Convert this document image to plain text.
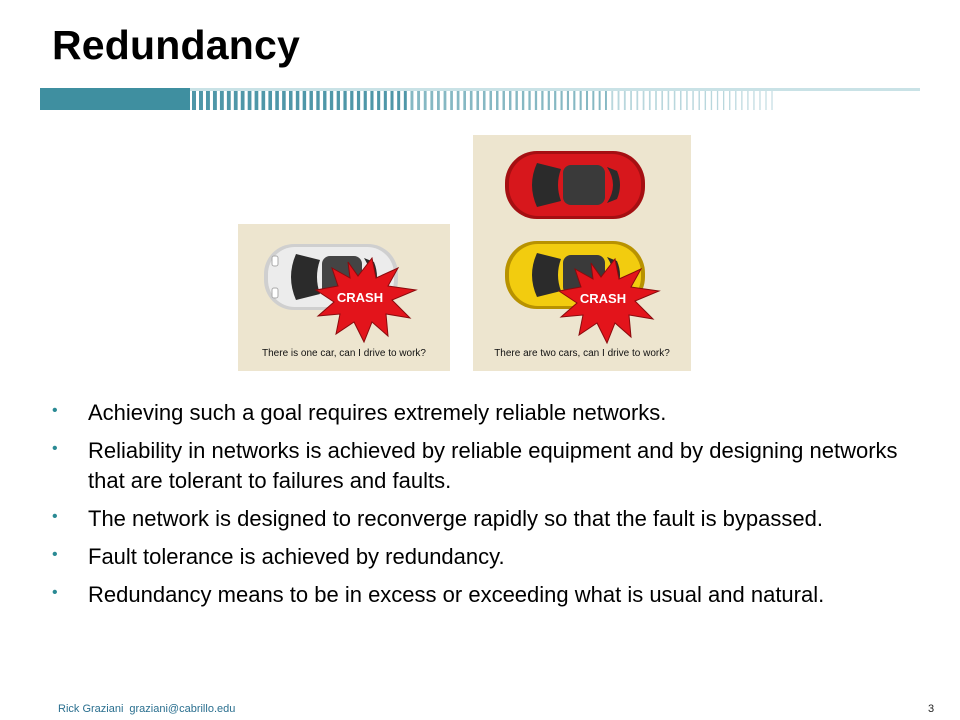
Redundancy
CRASH
There is one car, can I drive to work?
CRASH
There are two cars, can I drive to work?
• Achieving such a goal requires extremely reliable networks.
• Reliability in networks is achieved by reliable equipment and by designing networks that are tolerant to failures and faults.
• The network is designed to reconverge rapidly so that the fault is bypassed.
• Fault tolerance is achieved by redundancy.
• Redundancy means to be in excess or exceeding what is usual and natural.
Rick Graziani graziani@cabrillo.edu	3
